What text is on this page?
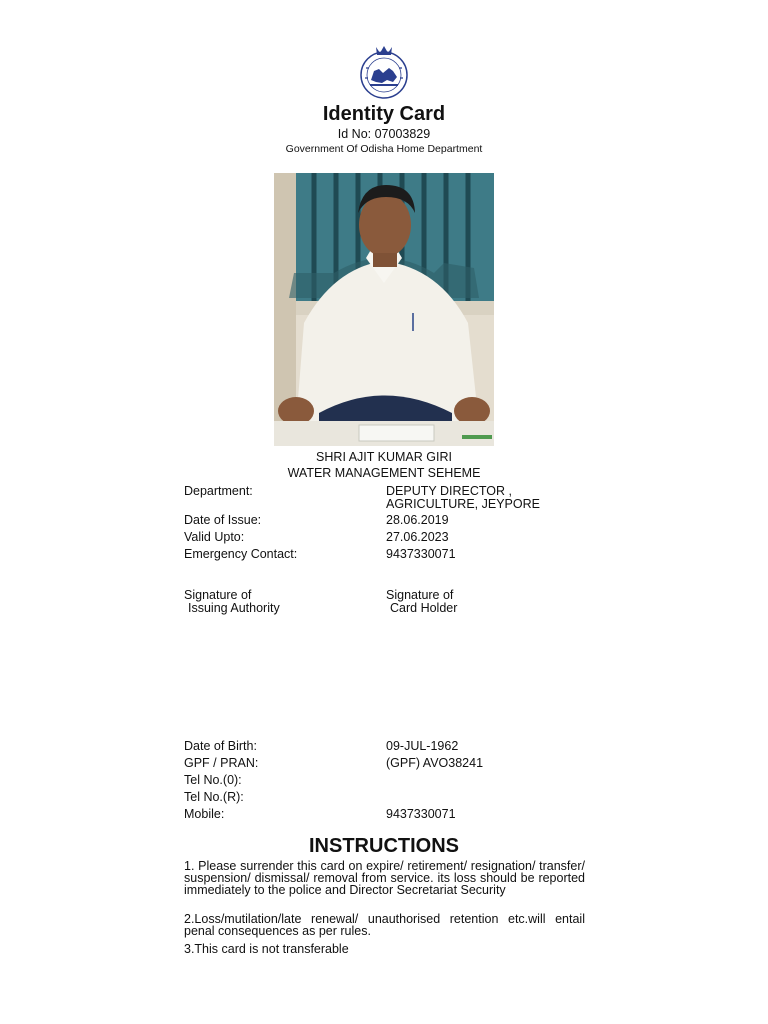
Identity Card
Id No: 07003829
Government Of Odisha Home Department
SHRI AJIT KUMAR GIRI
WATER MANAGEMENT SEHEME
Department:	DEPUTY DIRECTOR ,
AGRICULTURE, JEYPORE
Date of Issue:	28.06.2019
Valid Upto:	27.06.2023
Emergency Contact:	9437330071
Signature of
Issuing Authority
Signature of
Card Holder
Date of Birth:	09-JUL-1962
GPF / PRAN:	(GPF) AVO38241
Tel No.(0):
Tel No.(R):
Mobile:	9437330071
INSTRUCTIONS
1. Please surrender this card on expire/ retirement/ resignation/ transfer/ suspension/ dismissal/ removal from service. its loss should be reported immediately to the police and Director Secretariat Security
2.Loss/mutilation/late renewal/ unauthorised retention etc.will entail penal consequences as per rules.
3.This card is not transferable
